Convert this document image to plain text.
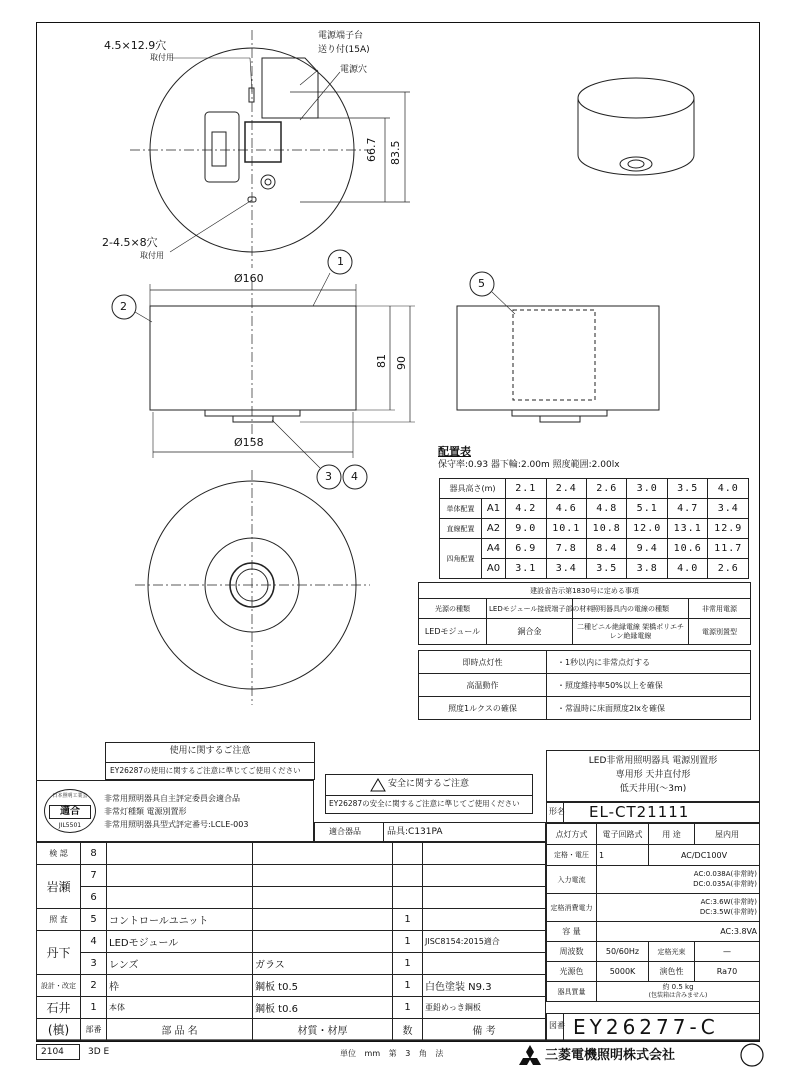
4.5×12.9穴
取付用
電源端子台
送り付(15A)
電源穴
66.7 83.5
2-4.5×8穴
取付用
Ø160
Ø158
81 90
1
2
3 4
5
配置表
保守率:0.93 器下輪:2.00m 照度範囲:2.00lx
器具高さ(m)		2.1	2.4	2.6	3.0	3.5	4.0
単体配置	A1	4.2	4.6	4.8	5.1	4.7	3.4
直線配置	A2	9.0	10.1	10.8	12.0	13.1	12.9
四角配置	A4	6.9	7.8	8.4	9.4	10.6	11.7
	A0	3.1	3.4	3.5	3.8	4.0	2.6
建設省告示第1830号に定める事項			
光源の種類	LEDモジュール接続端子部の材料	照明器具内の電線の種類	非常用電源
LEDモジュール	銅合金	二種ビニル絶縁電線 架橋ポリエチレン絶縁電線	電源別置型
即時点灯性	・1秒以内に非常点灯する
高温動作	・照度維持率50%以上を確保
照度1ルクスの確保	・常温時に床面照度2lxを確保
使用に関するご注意
EY26287の使用に関するご注意に準じてご使用ください
安全に関するご注意
EY26287の安全に関するご注意に準じてご使用ください
日本照明工業会
適合
JIL5501
非常用照明器具自主評定委員会適合品
非常灯種類 電源別置形
非常用照明器具型式評定番号:LCLE-003
適合器品	品具:C131PA
検 認	8				
岩瀬	7				
	6				
照 査	5	コントロールユニット		1	
丹下	4	LEDモジュール		1	JISC8154:2015適合
	3	レンズ	ガラス	1	
設計・改定	2	枠	鋼板 t0.5	1	白色塗装 N9.3
石井	1	本体	鋼板 t0.6	1	亜鉛めっき鋼板
(槙)	部番	部 品 名	材質・材厚	数	備 考
LED非常用照明器具 電源別置形
専用形 天井直付形
低天井用(〜3m)
形名 EL-CT21111
点灯方式	電子回路式	用 途	屋内用
定格・電圧	1	AC/DC100V	
入力電流	AC:0.038A(非常時)
DC:0.035A(非常時)		
定格消費電力	AC:3.6W(非常時)
DC:3.5W(非常時)		
容 量	AC:3.8VA		
周波数	50/60Hz	定格光束	—
光源色	5000K	演色性	Ra70
器具質量	約 0.5 kg
(包装箱は含みません)		
図番 EY26277-C
2104	3D E	単位 mm 第 3 角 法	三菱電機照明株式会社
